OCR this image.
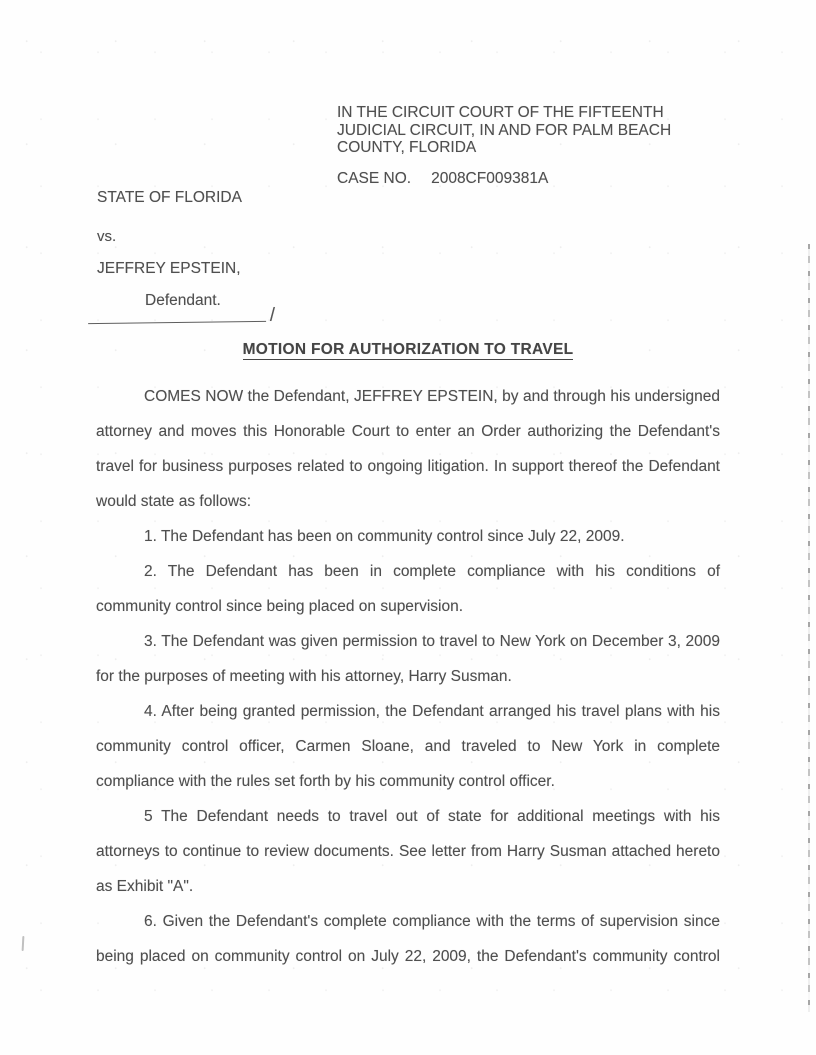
IN THE CIRCUIT COURT OF THE FIFTEENTH
JUDICIAL CIRCUIT, IN AND FOR PALM BEACH
COUNTY, FLORIDA
CASE NO. 2008CF009381A
STATE OF FLORIDA
vs.
JEFFREY EPSTEIN,
Defendant.
/
MOTION FOR AUTHORIZATION TO TRAVEL
COMES NOW the Defendant, JEFFREY EPSTEIN, by and through his undersigned
attorney and moves this Honorable Court to enter an Order authorizing the Defendant's
travel for business purposes related to ongoing litigation. In support thereof the Defendant
would state as follows:
1. The Defendant has been on community control since July 22, 2009.
2. The Defendant has been in complete compliance with his conditions of
community control since being placed on supervision.
3. The Defendant was given permission to travel to New York on December 3, 2009
for the purposes of meeting with his attorney, Harry Susman.
4. After being granted permission, the Defendant arranged his travel plans with his
community control officer, Carmen Sloane, and traveled to New York in complete
compliance with the rules set forth by his community control officer.
5 The Defendant needs to travel out of state for additional meetings with his
attorneys to continue to review documents. See letter from Harry Susman attached hereto
as Exhibit "A".
6. Given the Defendant's complete compliance with the terms of supervision since
being placed on community control on July 22, 2009, the Defendant's community control
